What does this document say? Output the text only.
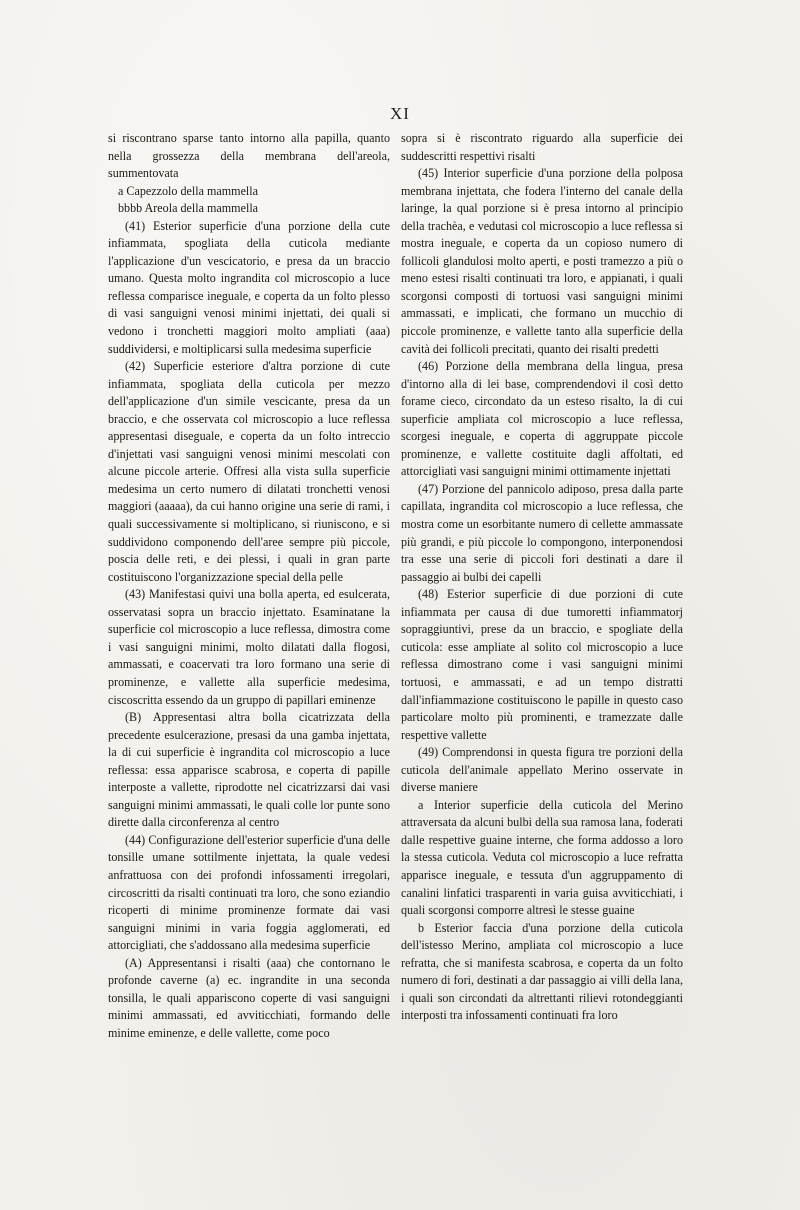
XI

si riscontrano sparse tanto intorno alla papilla, quanto nella grossezza della membrana dell'areola, summentovata

a Capezzolo della mammella

bbbb Areola della mammella

(41) Esterior superficie d'una porzione della cute infiammata, spogliata della cuticola mediante l'applicazione d'un vescicatorio, e presa da un braccio umano. Questa molto ingrandita col microscopio a luce reflessa comparisce ineguale, e coperta da un folto plesso di vasi sanguigni venosi minimi injettati, dei quali si vedono i tronchetti maggiori molto ampliati (aaa) suddividersi, e moltiplicarsi sulla medesima superficie

(42) Superficie esteriore d'altra porzione di cute infiammata, spogliata della cuticola per mezzo dell'applicazione d'un simile vescicante, presa da un braccio, e che osservata col microscopio a luce reflessa appresentasi diseguale, e coperta da un folto intreccio d'injettati vasi sanguigni venosi minimi mescolati con alcune piccole arterie. Offresi alla vista sulla superficie medesima un certo numero di dilatati tronchetti venosi maggiori (aaaaa), da cui hanno origine una serie di rami, i quali successivamente si moltiplicano, si riuniscono, e si suddividono componendo dell'aree sempre più piccole, poscia delle reti, e dei plessi, i quali in gran parte costituiscono l'organizzazione special della pelle

(43) Manifestasi quivi una bolla aperta, ed esulcerata, osservatasi sopra un braccio injettato. Esaminatane la superficie col microscopio a luce reflessa, dimostra come i vasi sanguigni minimi, molto dilatati dalla flogosi, ammassati, e coacervati tra loro formano una serie di prominenze, e vallette alla superficie medesima, ciscoscritta essendo da un gruppo di papillari eminenze

(B) Appresentasi altra bolla cicatrizzata della precedente esulcerazione, presasi da una gamba injettata, la di cui superficie è ingrandita col microscopio a luce reflessa: essa apparisce scabrosa, e coperta di papille interposte a vallette, riprodotte nel cicatrizzarsi dai vasi sanguigni minimi ammassati, le quali colle lor punte sono dirette dalla circonferenza al centro

(44) Configurazione dell'esterior superficie d'una delle tonsille umane sottilmente injettata, la quale vedesi anfrattuosa con dei profondi infossamenti irregolari, circoscritti da risalti continuati tra loro, che sono eziandio ricoperti di minime prominenze formate dai vasi sanguigni minimi in varia foggia agglomerati, ed attorcigliati, che s'addossano alla medesima superficie

(A) Appresentansi i risalti (aaa) che contornano le profonde caverne (a) ec. ingrandite in una seconda tonsilla, le quali appariscono coperte di vasi sanguigni minimi ammassati, ed avviticchiati, formando delle minime eminenze, e delle vallette, come poco

sopra si è riscontrato riguardo alla superficie dei suddescritti respettivi risalti

(45) Interior superficie d'una porzione della polposa membrana injettata, che fodera l'interno del canale della laringe, la qual porzione si è presa intorno al principio della trachèa, e vedutasi col microscopio a luce reflessa si mostra ineguale, e coperta da un copioso numero di follicoli glandulosi molto aperti, e posti tramezzo a più o meno estesi risalti continuati tra loro, e appianati, i quali scorgonsi composti di tortuosi vasi sanguigni minimi ammassati, e implicati, che formano un mucchio di piccole prominenze, e vallette tanto alla superficie della cavità dei follicoli precitati, quanto dei risalti predetti

(46) Porzione della membrana della lingua, presa d'intorno alla di lei base, comprendendovi il così detto forame cieco, circondato da un esteso risalto, la di cui superficie ampliata col microscopio a luce reflessa, scorgesi ineguale, e coperta di aggruppate piccole prominenze, e vallette costituite dagli affoltati, ed attorcigliati vasi sanguigni minimi ottimamente injettati

(47) Porzione del pannicolo adiposo, presa dalla parte capillata, ingrandita col microscopio a luce reflessa, che mostra come un esorbitante numero di cellette ammassate più grandi, e più piccole lo compongono, interponendosi tra esse una serie di piccoli fori destinati a dare il passaggio ai bulbi dei capelli

(48) Esterior superficie di due porzioni di cute infiammata per causa di due tumoretti infiammatorj sopraggiuntivi, prese da un braccio, e spogliate della cuticola: esse ampliate al solito col microscopio a luce reflessa dimostrano come i vasi sanguigni minimi tortuosi, e ammassati, e ad un tempo distratti dall'infiammazione costituiscono le papille in questo caso particolare molto più prominenti, e tramezzate dalle respettive vallette

(49) Comprendonsi in questa figura tre porzioni della cuticola dell'animale appellato Merino osservate in diverse maniere

a Interior superficie della cuticola del Merino attraversata da alcuni bulbi della sua ramosa lana, foderati dalle respettive guaine interne, che forma addosso a loro la stessa cuticola. Veduta col microscopio a luce refratta apparisce ineguale, e tessuta d'un aggruppamento di canalini linfatici trasparenti in varia guisa avviticchiati, i quali scorgonsi comporre altresì le stesse guaine

b Esterior faccia d'una porzione della cuticola dell'istesso Merino, ampliata col microscopio a luce refratta, che si manifesta scabrosa, e coperta da un folto numero di fori, destinati a dar passaggio ai villi della lana, i quali son circondati da altrettanti rilievi rotondeggianti interposti tra infossamenti continuati fra loro
